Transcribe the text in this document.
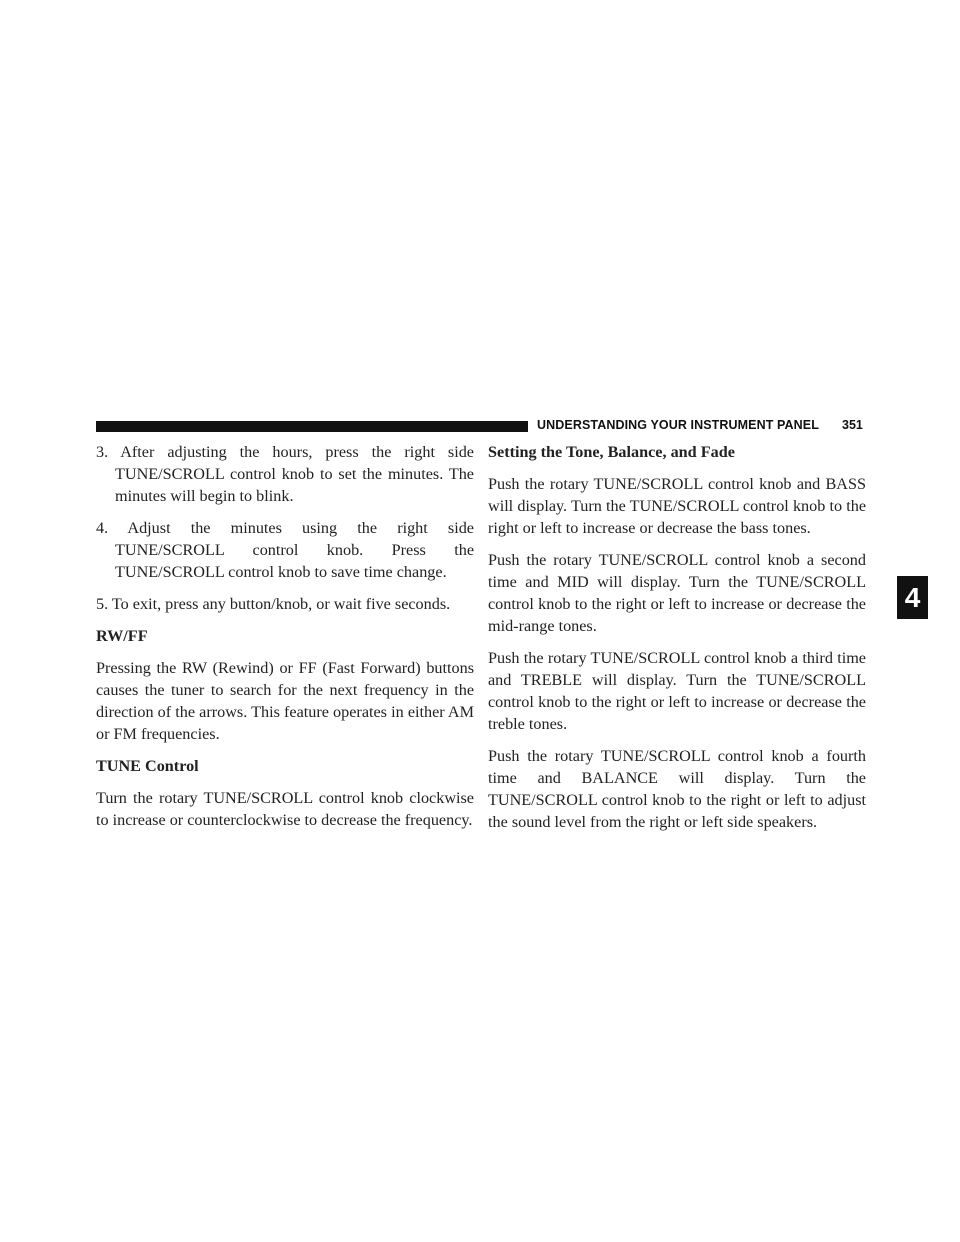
UNDERSTANDING YOUR INSTRUMENT PANEL 351
4

3. After adjusting the hours, press the right side TUNE/SCROLL control knob to set the minutes. The minutes will begin to blink.

4. Adjust the minutes using the right side TUNE/SCROLL control knob. Press the TUNE/SCROLL control knob to save time change.

5. To exit, press any button/knob, or wait five seconds.

RW/FF

Pressing the RW (Rewind) or FF (Fast Forward) buttons causes the tuner to search for the next frequency in the direction of the arrows. This feature operates in either AM or FM frequencies.

TUNE Control

Turn the rotary TUNE/SCROLL control knob clockwise to increase or counterclockwise to decrease the frequency.

Setting the Tone, Balance, and Fade

Push the rotary TUNE/SCROLL control knob and BASS will display. Turn the TUNE/SCROLL control knob to the right or left to increase or decrease the bass tones.

Push the rotary TUNE/SCROLL control knob a second time and MID will display. Turn the TUNE/SCROLL control knob to the right or left to increase or decrease the mid-range tones.

Push the rotary TUNE/SCROLL control knob a third time and TREBLE will display. Turn the TUNE/SCROLL control knob to the right or left to increase or decrease the treble tones.

Push the rotary TUNE/SCROLL control knob a fourth time and BALANCE will display. Turn the TUNE/SCROLL control knob to the right or left to adjust the sound level from the right or left side speakers.
